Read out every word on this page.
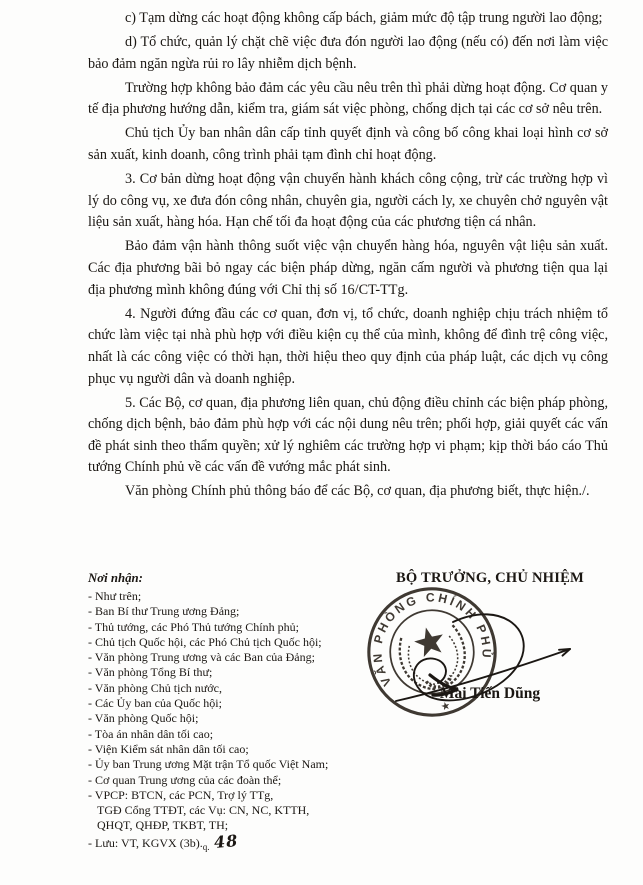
c) Tạm dừng các hoạt động không cấp bách, giảm mức độ tập trung người lao động;

d) Tổ chức, quản lý chặt chẽ việc đưa đón người lao động (nếu có) đến nơi làm việc bảo đảm ngăn ngừa rủi ro lây nhiễm dịch bệnh.

Trường hợp không bảo đảm các yêu cầu nêu trên thì phải dừng hoạt động. Cơ quan y tế địa phương hướng dẫn, kiểm tra, giám sát việc phòng, chống dịch tại các cơ sở nêu trên.

Chủ tịch Ủy ban nhân dân cấp tỉnh quyết định và công bố công khai loại hình cơ sở sản xuất, kinh doanh, công trình phải tạm đình chỉ hoạt động.

3. Cơ bản dừng hoạt động vận chuyển hành khách công cộng, trừ các trường hợp vì lý do công vụ, xe đưa đón công nhân, chuyên gia, người cách ly, xe chuyên chở nguyên vật liệu sản xuất, hàng hóa. Hạn chế tối đa hoạt động của các phương tiện cá nhân.

Bảo đảm vận hành thông suốt việc vận chuyển hàng hóa, nguyên vật liệu sản xuất. Các địa phương bãi bỏ ngay các biện pháp dừng, ngăn cấm người và phương tiện qua lại địa phương mình không đúng với Chỉ thị số 16/CT-TTg.

4. Người đứng đầu các cơ quan, đơn vị, tổ chức, doanh nghiệp chịu trách nhiệm tổ chức làm việc tại nhà phù hợp với điều kiện cụ thể của mình, không để đình trệ công việc, nhất là các công việc có thời hạn, thời hiệu theo quy định của pháp luật, các dịch vụ công phục vụ người dân và doanh nghiệp.

5. Các Bộ, cơ quan, địa phương liên quan, chủ động điều chỉnh các biện pháp phòng, chống dịch bệnh, bảo đảm phù hợp với các nội dung nêu trên; phối hợp, giải quyết các vấn đề phát sinh theo thẩm quyền; xử lý nghiêm các trường hợp vi phạm; kịp thời báo cáo Thủ tướng Chính phủ về các vấn đề vướng mắc phát sinh.

Văn phòng Chính phủ thông báo để các Bộ, cơ quan, địa phương biết, thực hiện./.

Nơi nhận:
- Như trên;
- Ban Bí thư Trung ương Đảng;
- Thủ tướng, các Phó Thủ tướng Chính phủ;
- Chủ tịch Quốc hội, các Phó Chủ tịch Quốc hội;
- Văn phòng Trung ương và các Ban của Đảng;
- Văn phòng Tổng Bí thư;
- Văn phòng Chủ tịch nước,
- Các Ủy ban của Quốc hội;
- Văn phòng Quốc hội;
- Tòa án nhân dân tối cao;
- Viện Kiểm sát nhân dân tối cao;
- Ủy ban Trung ương Mặt trận Tổ quốc Việt Nam;
- Cơ quan Trung ương của các đoàn thể;
- VPCP: BTCN, các PCN, Trợ lý TTg,
TGĐ Cổng TTĐT, các Vụ: CN, NC, KTTH,
QHQT, QHĐP, TKBT, TH;
- Lưu: VT, KGVX $(3b)._{q.}$ 48
BỘ TRƯỞNG, CHỦ NHIỆM
VĂN PHÒNG CHÍNH PHỦ
★
Mai Tiến Dũng
